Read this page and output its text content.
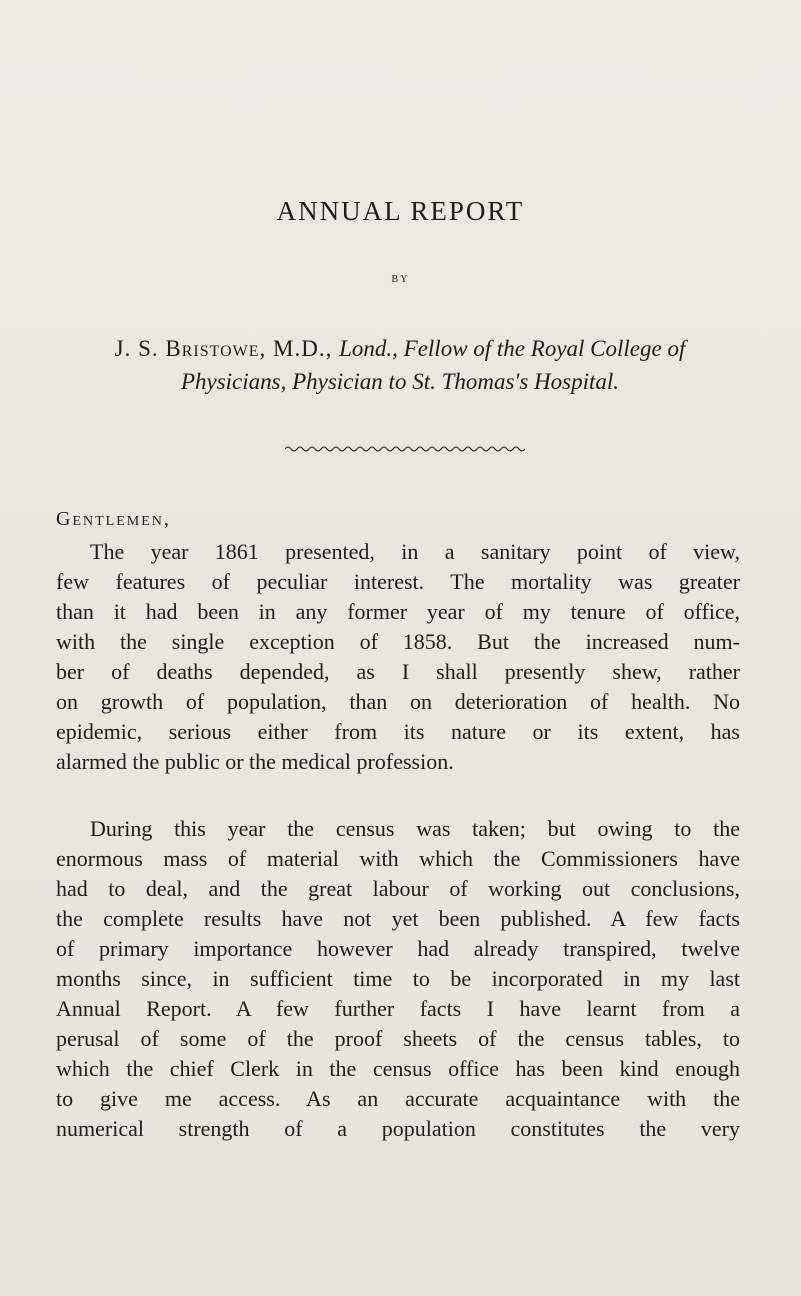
ANNUAL REPORT
BY
J. S. Bristowe, M.D., Lond., Fellow of the Royal College of
Physicians, Physician to St. Thomas's Hospital.

Gentlemen,

The year 1861 presented, in a sanitary point of view,
few features of peculiar interest. The mortality was greater
than it had been in any former year of my tenure of office,
with the single exception of 1858. But the increased num-
ber of deaths depended, as I shall presently shew, rather
on growth of population, than on deterioration of health. No
epidemic, serious either from its nature or its extent, has
alarmed the public or the medical profession.
During this year the census was taken; but owing to the
enormous mass of material with which the Commissioners have
had to deal, and the great labour of working out conclusions,
the complete results have not yet been published. A few facts
of primary importance however had already transpired, twelve
months since, in sufficient time to be incorporated in my last
Annual Report. A few further facts I have learnt from a
perusal of some of the proof sheets of the census tables, to
which the chief Clerk in the census office has been kind enough
to give me access. As an accurate acquaintance with the
numerical strength of a population constitutes the very
